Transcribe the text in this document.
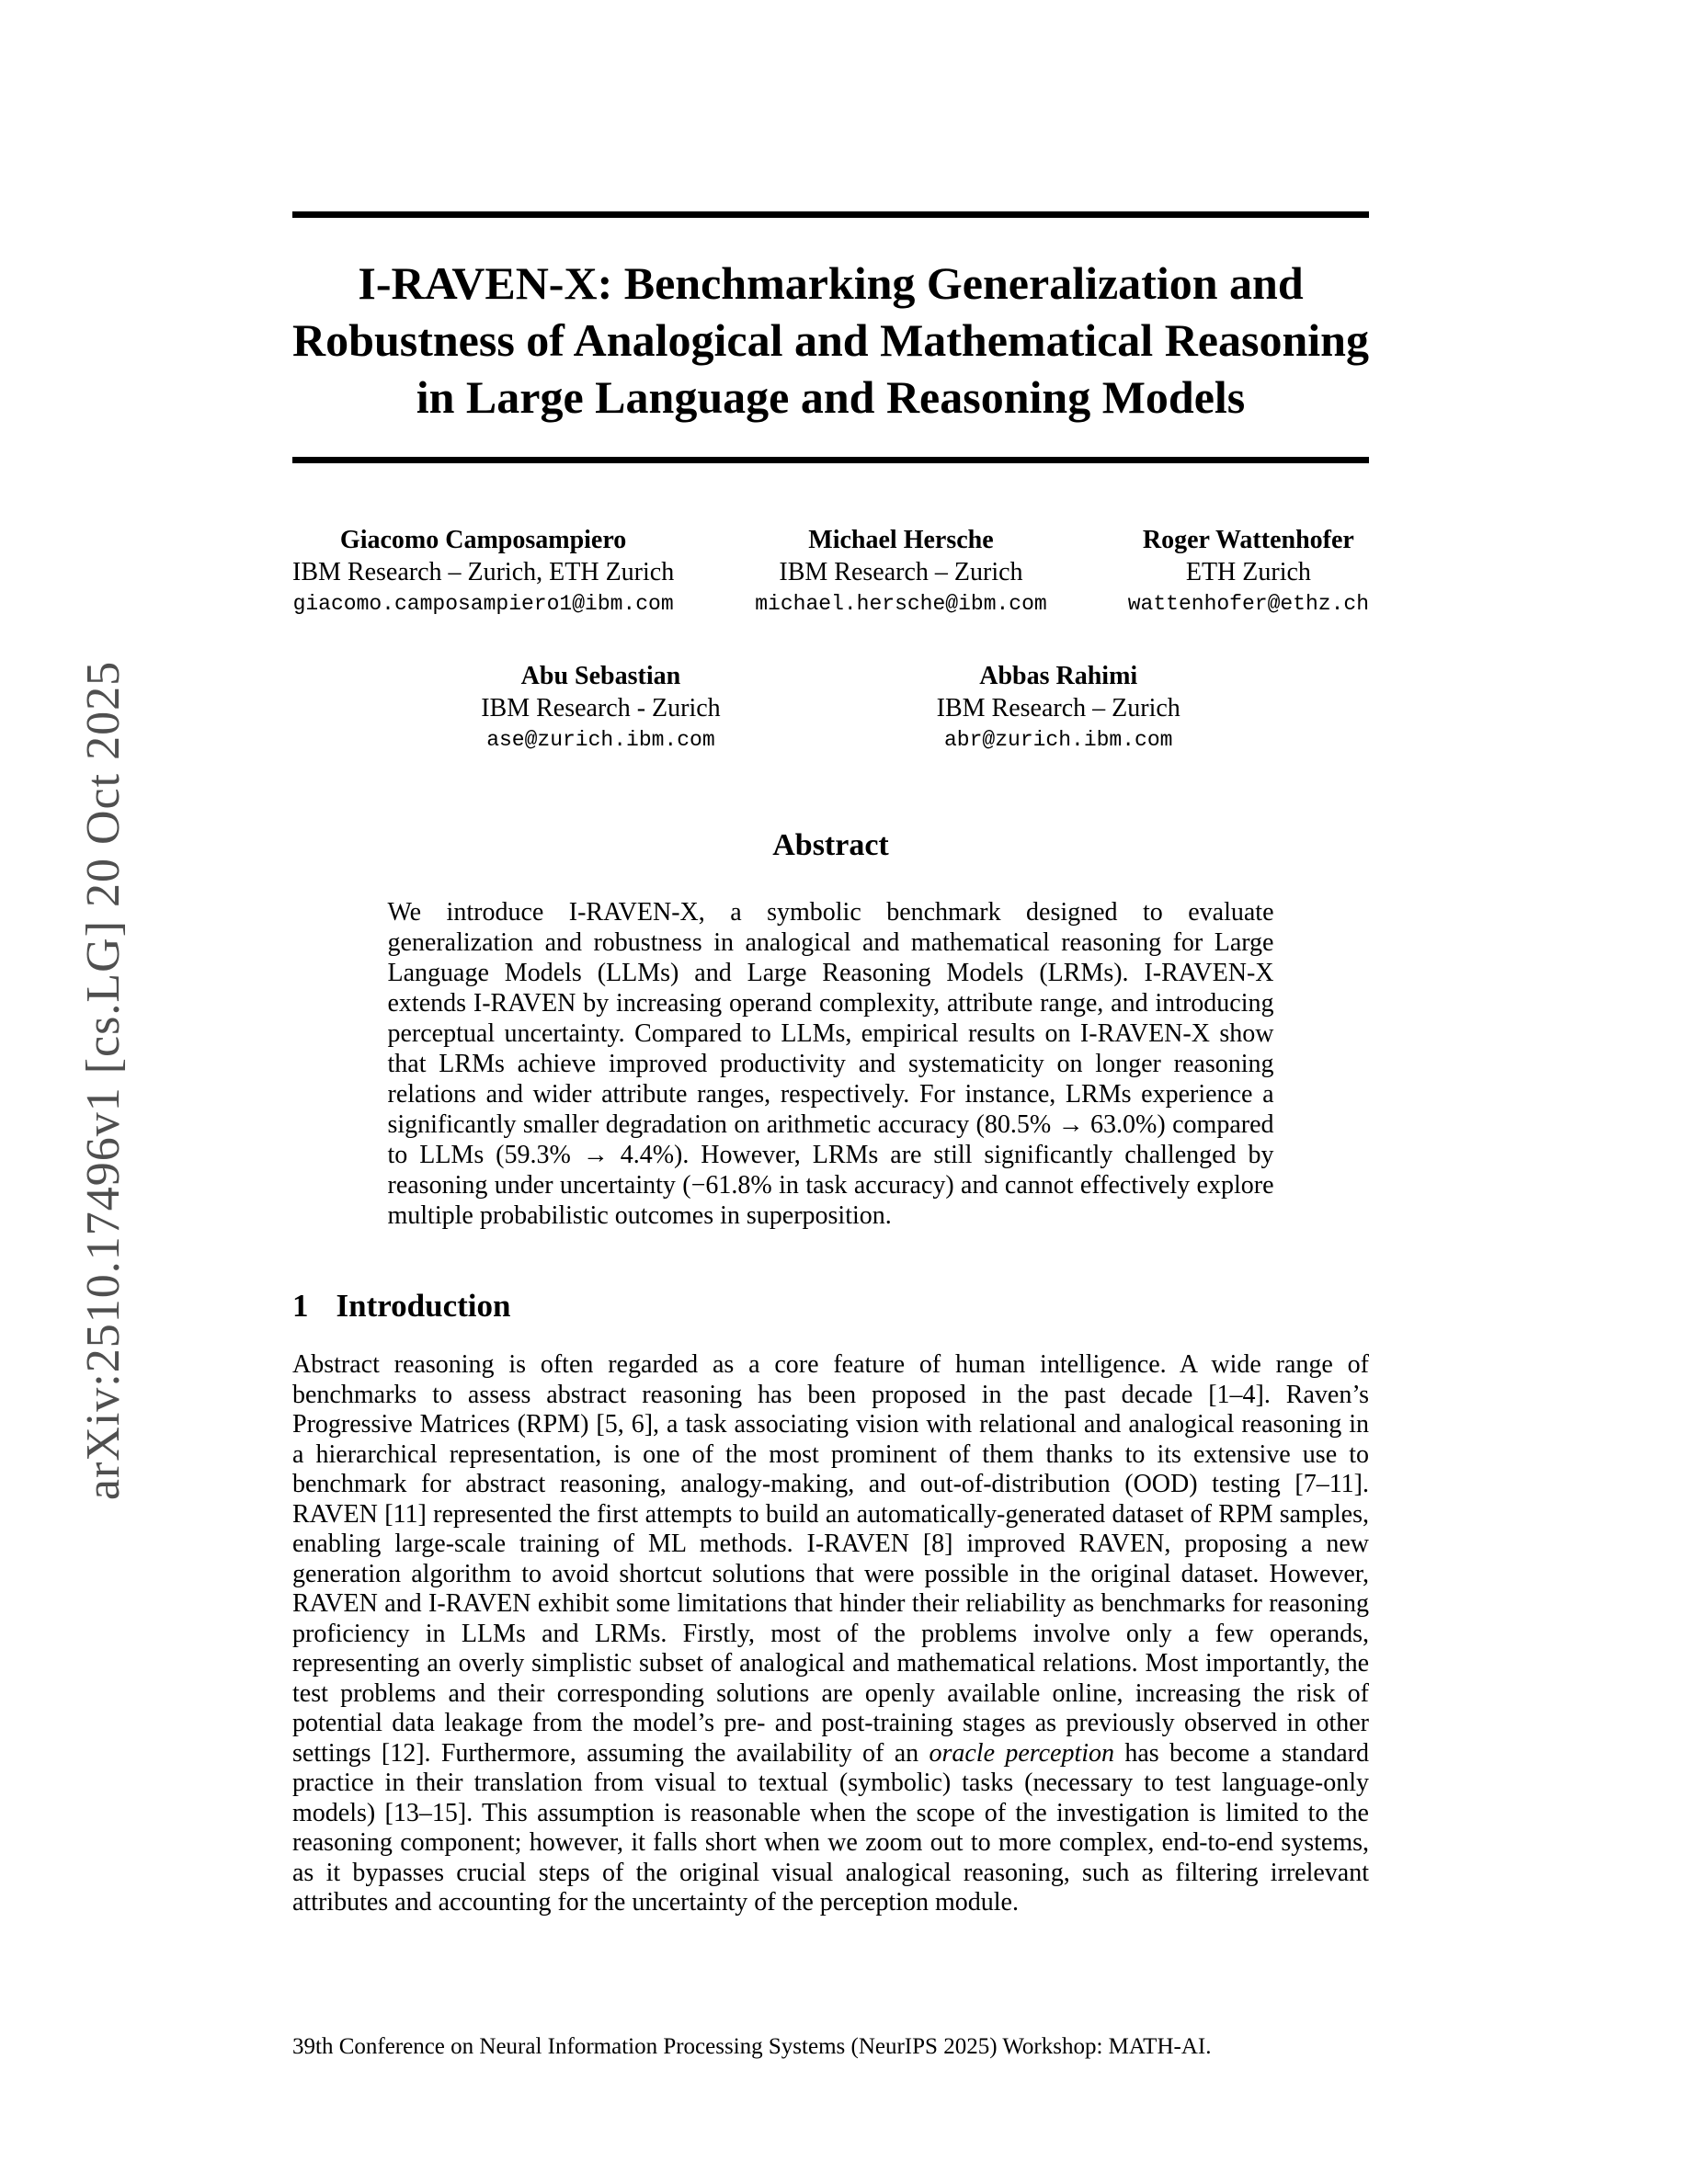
arXiv:2510.17496v1 [cs.LG] 20 Oct 2025
I-RAVEN-X: Benchmarking Generalization and
Robustness of Analogical and Mathematical Reasoning
in Large Language and Reasoning Models
Giacomo Camposampiero
IBM Research – Zurich, ETH Zurich
giacomo.camposampiero1@ibm.com
Michael Hersche
IBM Research – Zurich
michael.hersche@ibm.com
Roger Wattenhofer
ETH Zurich
wattenhofer@ethz.ch
Abu Sebastian
IBM Research - Zurich
ase@zurich.ibm.com
Abbas Rahimi
IBM Research – Zurich
abr@zurich.ibm.com
Abstract
We introduce I-RAVEN-X, a symbolic benchmark designed to evaluate generalization and robustness in analogical and mathematical reasoning for Large Language Models (LLMs) and Large Reasoning Models (LRMs). I-RAVEN-X extends I-RAVEN by increasing operand complexity, attribute range, and introducing perceptual uncertainty. Compared to LLMs, empirical results on I-RAVEN-X show that LRMs achieve improved productivity and systematicity on longer reasoning relations and wider attribute ranges, respectively. For instance, LRMs experience a significantly smaller degradation on arithmetic accuracy (80.5% → 63.0%) compared to LLMs (59.3% → 4.4%). However, LRMs are still significantly challenged by reasoning under uncertainty (−61.8% in task accuracy) and cannot effectively explore multiple probabilistic outcomes in superposition.
1 Introduction
Abstract reasoning is often regarded as a core feature of human intelligence. A wide range of benchmarks to assess abstract reasoning has been proposed in the past decade [1–4]. Raven’s Progressive Matrices (RPM) [5, 6], a task associating vision with relational and analogical reasoning in a hierarchical representation, is one of the most prominent of them thanks to its extensive use to benchmark for abstract reasoning, analogy-making, and out-of-distribution (OOD) testing [7–11]. RAVEN [11] represented the first attempts to build an automatically-generated dataset of RPM samples, enabling large-scale training of ML methods. I-RAVEN [8] improved RAVEN, proposing a new generation algorithm to avoid shortcut solutions that were possible in the original dataset. However, RAVEN and I-RAVEN exhibit some limitations that hinder their reliability as benchmarks for reasoning proficiency in LLMs and LRMs. Firstly, most of the problems involve only a few operands, representing an overly simplistic subset of analogical and mathematical relations. Most importantly, the test problems and their corresponding solutions are openly available online, increasing the risk of potential data leakage from the model’s pre- and post-training stages as previously observed in other settings [12]. Furthermore, assuming the availability of an oracle perception has become a standard practice in their translation from visual to textual (symbolic) tasks (necessary to test language-only models) [13–15]. This assumption is reasonable when the scope of the investigation is limited to the reasoning component; however, it falls short when we zoom out to more complex, end-to-end systems, as it bypasses crucial steps of the original visual analogical reasoning, such as filtering irrelevant attributes and accounting for the uncertainty of the perception module.
39th Conference on Neural Information Processing Systems (NeurIPS 2025) Workshop: MATH-AI.
